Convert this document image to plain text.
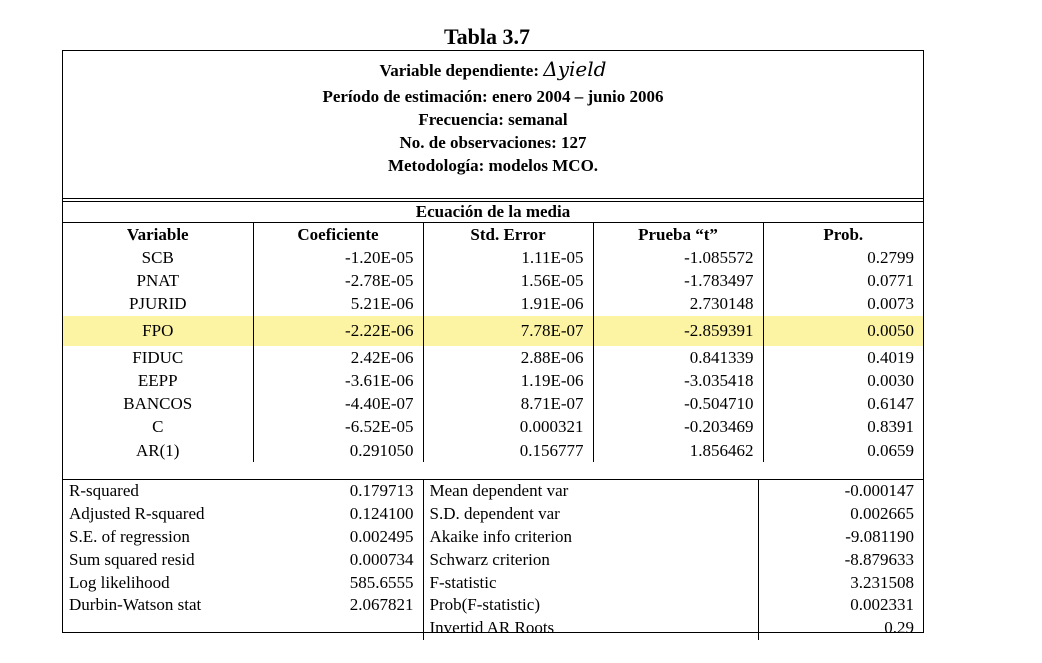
Tabla 3.7
Variable dependiente: Δyield
Período de estimación: enero 2004 – junio 2006
Frecuencia: semanal
No. de observaciones: 127
Metodología: modelos MCO.
Ecuación de la media
Variable	Coeficiente	Std. Error	Prueba “t”	Prob.
SCB	-1.20E-05	1.11E-05	-1.085572	0.2799
PNAT	-2.78E-05	1.56E-05	-1.783497	0.0771
PJURID	5.21E-06	1.91E-06	2.730148	0.0073
FPO	-2.22E-06	7.78E-07	-2.859391	0.0050
FIDUC	2.42E-06	2.88E-06	0.841339	0.4019
EEPP	-3.61E-06	1.19E-06	-3.035418	0.0030
BANCOS	-4.40E-07	8.71E-07	-0.504710	0.6147
C	-6.52E-05	0.000321	-0.203469	0.8391
AR(1)	0.291050	0.156777	1.856462	0.0659
R-squared	0.179713	Mean dependent var	-0.000147
Adjusted R-squared	0.124100	S.D. dependent var	0.002665
S.E. of regression	0.002495	Akaike info criterion	-9.081190
Sum squared resid	0.000734	Schwarz criterion	-8.879633
Log likelihood	585.6555	F-statistic	3.231508
Durbin-Watson stat	2.067821	Prob(F-statistic)	0.002331
		Invertid AR Roots	0.29
